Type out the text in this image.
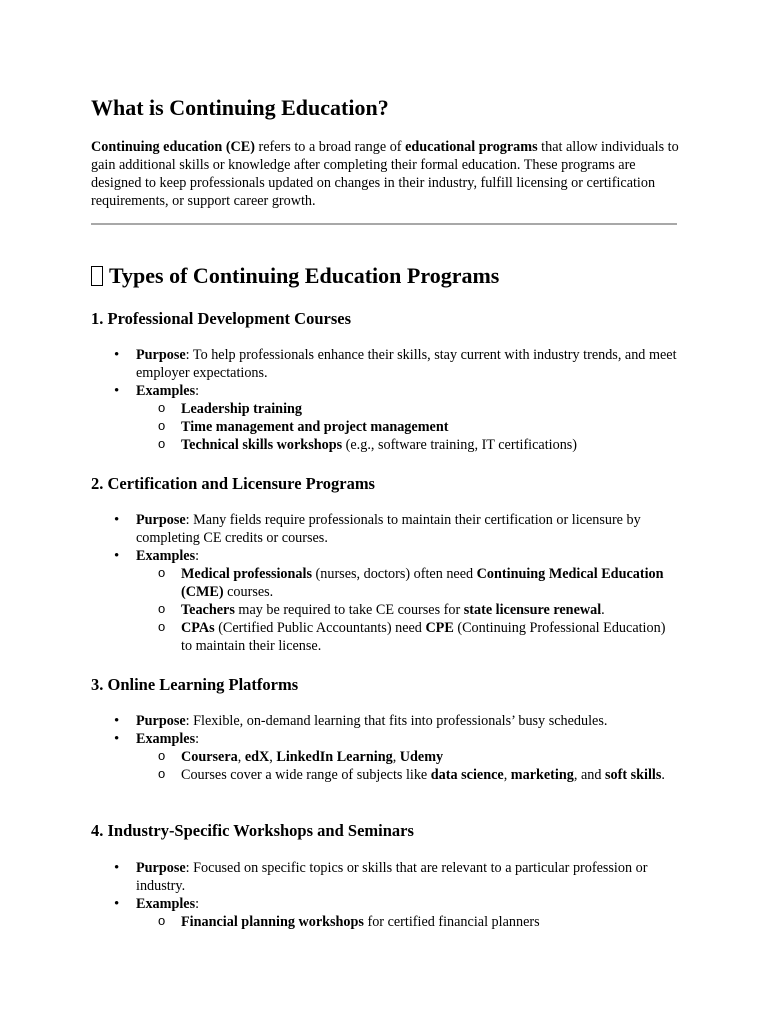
What is Continuing Education?

Continuing education (CE) refers to a broad range of educational programs that allow individuals to gain additional skills or knowledge after completing their formal education. These programs are designed to keep professionals updated on changes in their industry, fulfill licensing or certification requirements, or support career growth.

Types of Continuing Education Programs
1. Professional Development Courses
• Purpose: To help professionals enhance their skills, stay current with industry trends, and meet employer expectations.
• Examples:
o Leadership training
o Time management and project management
o Technical skills workshops (e.g., software training, IT certifications)
2. Certification and Licensure Programs
• Purpose: Many fields require professionals to maintain their certification or licensure by completing CE credits or courses.
• Examples:
o Medical professionals (nurses, doctors) often need Continuing Medical Education (CME) courses.
o Teachers may be required to take CE courses for state licensure renewal.
o CPAs (Certified Public Accountants) need CPE (Continuing Professional Education) to maintain their license.
3. Online Learning Platforms
• Purpose: Flexible, on-demand learning that fits into professionals’ busy schedules.
• Examples:
o Coursera, edX, LinkedIn Learning, Udemy
o Courses cover a wide range of subjects like data science, marketing, and soft skills.
4. Industry-Specific Workshops and Seminars
• Purpose: Focused on specific topics or skills that are relevant to a particular profession or industry.
• Examples:
o Financial planning workshops for certified financial planners
